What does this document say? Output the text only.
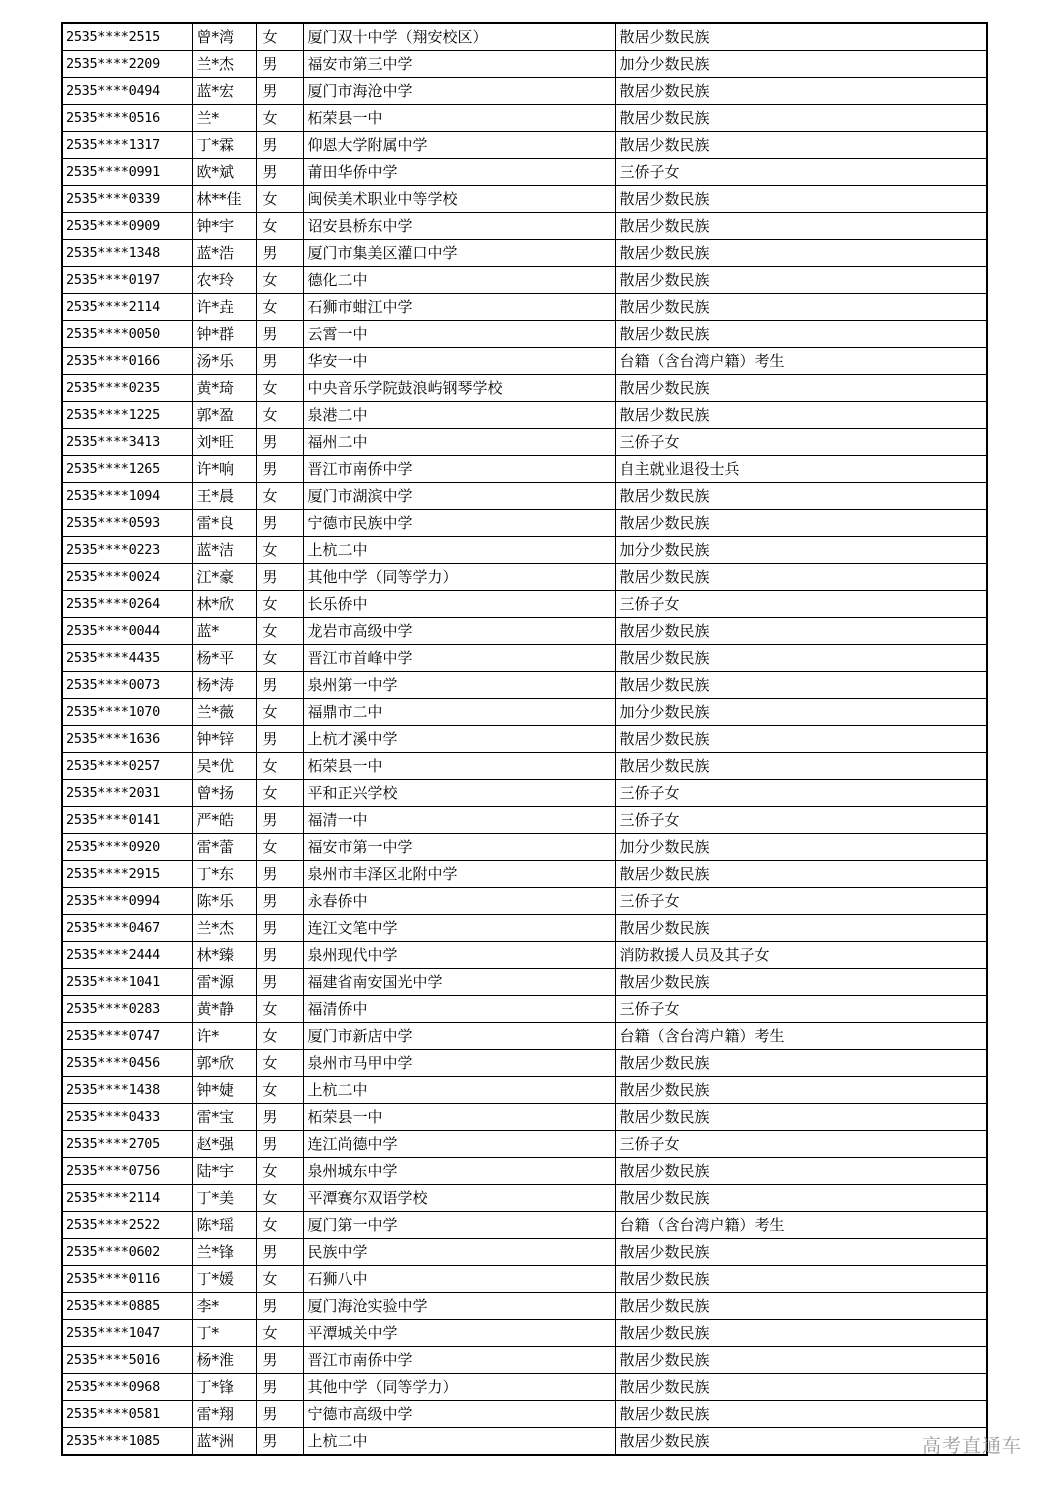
2535****2515	曾*湾	女	厦门双十中学（翔安校区）	散居少数民族
2535****2209	兰*杰	男	福安市第三中学	加分少数民族
2535****0494	蓝*宏	男	厦门市海沧中学	散居少数民族
2535****0516	兰*	女	柘荣县一中	散居少数民族
2535****1317	丁*霖	男	仰恩大学附属中学	散居少数民族
2535****0991	欧*斌	男	莆田华侨中学	三侨子女
2535****0339	林**佳	女	闽侯美术职业中等学校	散居少数民族
2535****0909	钟*宇	女	诏安县桥东中学	散居少数民族
2535****1348	蓝*浩	男	厦门市集美区灌口中学	散居少数民族
2535****0197	农*玲	女	德化二中	散居少数民族
2535****2114	许*垚	女	石狮市蚶江中学	散居少数民族
2535****0050	钟*群	男	云霄一中	散居少数民族
2535****0166	汤*乐	男	华安一中	台籍（含台湾户籍）考生
2535****0235	黄*琦	女	中央音乐学院鼓浪屿钢琴学校	散居少数民族
2535****1225	郭*盈	女	泉港二中	散居少数民族
2535****3413	刘*旺	男	福州二中	三侨子女
2535****1265	许*响	男	晋江市南侨中学	自主就业退役士兵
2535****1094	王*晨	女	厦门市湖滨中学	散居少数民族
2535****0593	雷*良	男	宁德市民族中学	散居少数民族
2535****0223	蓝*洁	女	上杭二中	加分少数民族
2535****0024	江*豪	男	其他中学（同等学力）	散居少数民族
2535****0264	林*欣	女	长乐侨中	三侨子女
2535****0044	蓝*	女	龙岩市高级中学	散居少数民族
2535****4435	杨*平	女	晋江市首峰中学	散居少数民族
2535****0073	杨*涛	男	泉州第一中学	散居少数民族
2535****1070	兰*薇	女	福鼎市二中	加分少数民族
2535****1636	钟*锌	男	上杭才溪中学	散居少数民族
2535****0257	吴*优	女	柘荣县一中	散居少数民族
2535****2031	曾*扬	女	平和正兴学校	三侨子女
2535****0141	严*皓	男	福清一中	三侨子女
2535****0920	雷*蕾	女	福安市第一中学	加分少数民族
2535****2915	丁*东	男	泉州市丰泽区北附中学	散居少数民族
2535****0994	陈*乐	男	永春侨中	三侨子女
2535****0467	兰*杰	男	连江文笔中学	散居少数民族
2535****2444	林*臻	男	泉州现代中学	消防救援人员及其子女
2535****1041	雷*源	男	福建省南安国光中学	散居少数民族
2535****0283	黄*静	女	福清侨中	三侨子女
2535****0747	许*	女	厦门市新店中学	台籍（含台湾户籍）考生
2535****0456	郭*欣	女	泉州市马甲中学	散居少数民族
2535****1438	钟*婕	女	上杭二中	散居少数民族
2535****0433	雷*宝	男	柘荣县一中	散居少数民族
2535****2705	赵*强	男	连江尚德中学	三侨子女
2535****0756	陆*宇	女	泉州城东中学	散居少数民族
2535****2114	丁*美	女	平潭赛尔双语学校	散居少数民族
2535****2522	陈*瑶	女	厦门第一中学	台籍（含台湾户籍）考生
2535****0602	兰*锋	男	民族中学	散居少数民族
2535****0116	丁*媛	女	石狮八中	散居少数民族
2535****0885	李*	男	厦门海沧实验中学	散居少数民族
2535****1047	丁*	女	平潭城关中学	散居少数民族
2535****5016	杨*淮	男	晋江市南侨中学	散居少数民族
2535****0968	丁*锋	男	其他中学（同等学力）	散居少数民族
2535****0581	雷*翔	男	宁德市高级中学	散居少数民族
2535****1085	蓝*洲	男	上杭二中	散居少数民族	高考直通车
